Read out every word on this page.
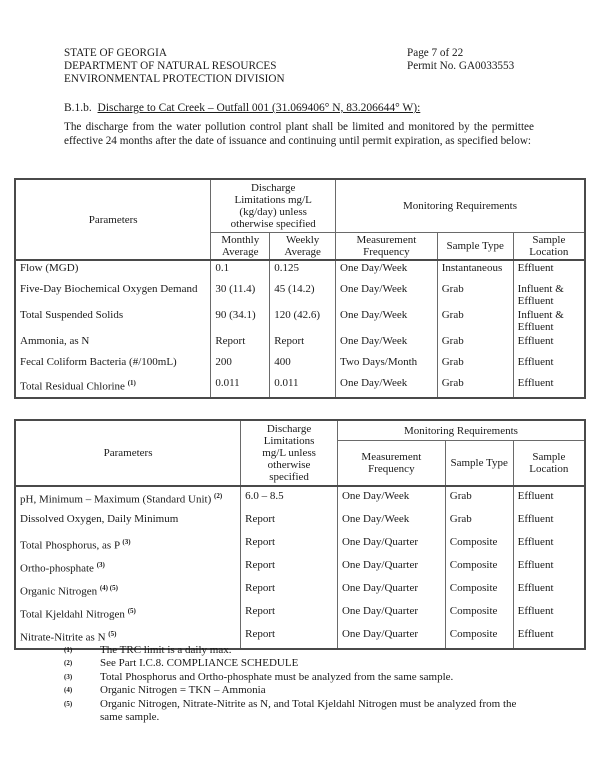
STATE OF GEORGIA
DEPARTMENT OF NATURAL RESOURCES
ENVIRONMENTAL PROTECTION DIVISION
Page 7 of 22
Permit No. GA0033553
B.1.b. Discharge to Cat Creek – Outfall 001 (31.069406° N, 83.206644° W):
The discharge from the water pollution control plant shall be limited and monitored by the permittee effective 24 months after the date of issuance and continuing until permit expiration, as specified below:
Parameters	Discharge Limitations mg/L (kg/day) unless otherwise specified		Monitoring Requirements		
	Monthly Average	Weekly Average	Measurement Frequency	Sample Type	Sample Location
Flow (MGD)	0.1	0.125	One Day/Week	Instantaneous	Effluent
Five-Day Biochemical Oxygen Demand	30 (11.4)	45 (14.2)	One Day/Week	Grab	Influent & Effluent
Total Suspended Solids	90 (34.1)	120 (42.6)	One Day/Week	Grab	Influent & Effluent
Ammonia, as N	Report	Report	One Day/Week	Grab	Effluent
Fecal Coliform Bacteria (#/100mL)	200	400	Two Days/Month	Grab	Effluent
Total Residual Chlorine $^{(1)}$	0.011	0.011	One Day/Week	Grab	Effluent
Parameters	Discharge Limitations mg/L unless otherwise specified	Monitoring Requirements		
		Measurement Frequency	Sample Type	Sample Location
pH, Minimum – Maximum (Standard Unit) $^{(2)}$	6.0 – 8.5	One Day/Week	Grab	Effluent
Dissolved Oxygen, Daily Minimum	Report	One Day/Week	Grab	Effluent
Total Phosphorus, as P $^{(3)}$	Report	One Day/Quarter	Composite	Effluent
Ortho-phosphate $^{(3)}$	Report	One Day/Quarter	Composite	Effluent
Organic Nitrogen $^{(4) (5)}$	Report	One Day/Quarter	Composite	Effluent
Total Kjeldahl Nitrogen $^{(5)}$	Report	One Day/Quarter	Composite	Effluent
Nitrate-Nitrite as N $^{(5)}$	Report	One Day/Quarter	Composite	Effluent
(1)	The TRC limit is a daily max.
(2)	See Part I.C.8. COMPLIANCE SCHEDULE
(3)	Total Phosphorus and Ortho-phosphate must be analyzed from the same sample.
(4)	Organic Nitrogen = TKN – Ammonia
(5)	Organic Nitrogen, Nitrate-Nitrite as N, and Total Kjeldahl Nitrogen must be analyzed from the same sample.
